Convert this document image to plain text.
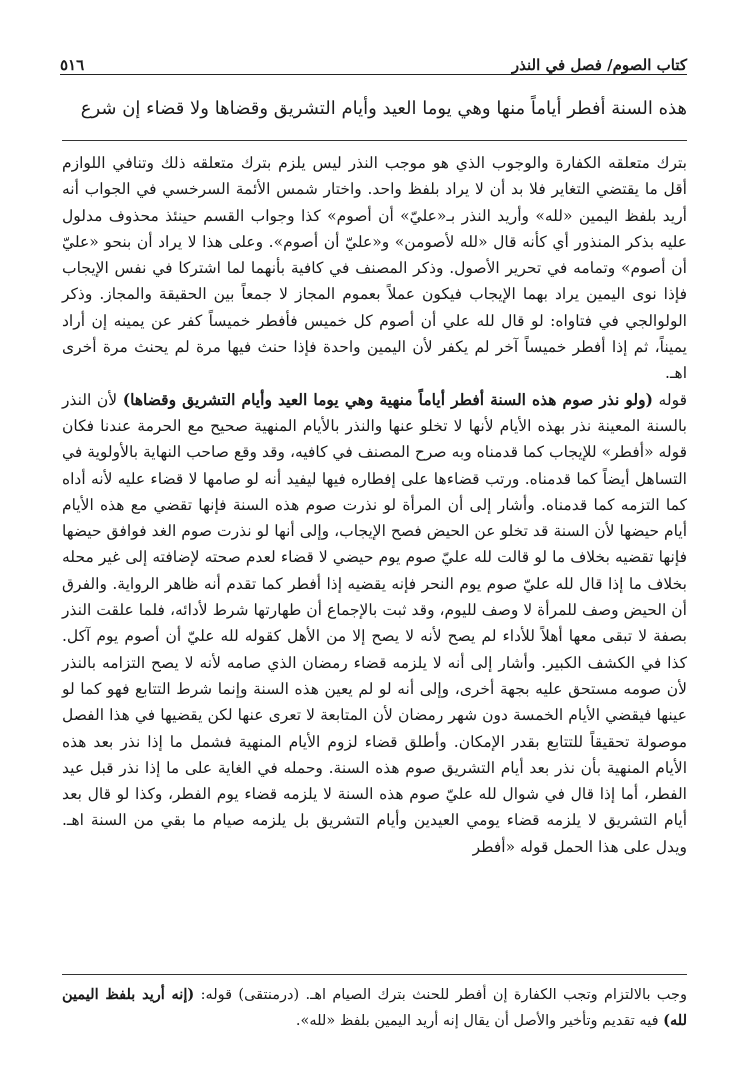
كتاب الصوم/ فصل في النذر
٥١٦
هذه السنة أفطر أياماً منها وهي يوما العيد وأيام التشريق وقضاها ولا قضاء إن شرع

بترك متعلقه الكفارة والوجوب الذي هو موجب النذر ليس يلزم بترك متعلقه ذلك وتنافي اللوازم أقل ما يقتضي التغاير فلا بد أن لا يراد بلفظ واحد. واختار شمس الأئمة السرخسي في الجواب أنه أريد بلفظ اليمين «لله» وأريد النذر بـ«عليّ» أن أصوم» كذا وجواب القسم حينئذ محذوف مدلول عليه بذكر المنذور أي كأنه قال «لله لأصومن» و«عليّ أن أصوم». وعلى هذا لا يراد أن بنحو «عليّ أن أصوم» وتمامه في تحرير الأصول. وذكر المصنف في كافية بأنهما لما اشتركا في نفس الإيجاب فإذا نوى اليمين يراد بهما الإيجاب فيكون عملاً بعموم المجاز لا جمعاً بين الحقيقة والمجاز. وذكر الولوالجي في فتاواه: لو قال لله علي أن أصوم كل خميس فأفطر خميساً كفر عن يمينه إن أراد يميناً، ثم إذا أفطر خميساً آخر لم يكفر لأن اليمين واحدة فإذا حنث فيها مرة لم يحنث مرة أخرى اهـ.

قوله (ولو نذر صوم هذه السنة أفطر أياماً منهية وهي يوما العيد وأيام التشريق وقضاها) لأن النذر بالسنة المعينة نذر بهذه الأيام لأنها لا تخلو عنها والنذر بالأيام المنهية صحيح مع الحرمة عندنا فكان قوله «أفطر» للإيجاب كما قدمناه وبه صرح المصنف في كافيه، وقد وقع صاحب النهاية بالأولوية في التساهل أيضاً كما قدمناه. ورتب قضاءها على إفطاره فيها ليفيد أنه لو صامها لا قضاء عليه لأنه أداه كما التزمه كما قدمناه. وأشار إلى أن المرأة لو نذرت صوم هذه السنة فإنها تقضي مع هذه الأيام أيام حيضها لأن السنة قد تخلو عن الحيض فصح الإيجاب، وإلى أنها لو نذرت صوم الغد فوافق حيضها فإنها تقضيه بخلاف ما لو قالت لله عليّ صوم يوم حيضي لا قضاء لعدم صحته لإضافته إلى غير محله بخلاف ما إذا قال لله عليّ صوم يوم النحر فإنه يقضيه إذا أفطر كما تقدم أنه ظاهر الرواية. والفرق أن الحيض وصف للمرأة لا وصف لليوم، وقد ثبت بالإجماع أن طهارتها شرط لأدائه، فلما علقت النذر بصفة لا تبقى معها أهلاً للأداء لم يصح لأنه لا يصح إلا من الأهل كقوله لله عليّ أن أصوم يوم آكل. كذا في الكشف الكبير. وأشار إلى أنه لا يلزمه قضاء رمضان الذي صامه لأنه لا يصح التزامه بالنذر لأن صومه مستحق عليه بجهة أخرى، وإلى أنه لو لم يعين هذه السنة وإنما شرط التتابع فهو كما لو عينها فيقضي الأيام الخمسة دون شهر رمضان لأن المتابعة لا تعرى عنها لكن يقضيها في هذا الفصل موصولة تحقيقاً للتتابع بقدر الإمكان. وأطلق قضاء لزوم الأيام المنهية فشمل ما إذا نذر بعد هذه الأيام المنهية بأن نذر بعد أيام التشريق صوم هذه السنة. وحمله في الغاية على ما إذا نذر قبل عيد الفطر، أما إذا قال في شوال لله عليّ صوم هذه السنة لا يلزمه قضاء يوم الفطر، وكذا لو قال بعد أيام التشريق لا يلزمه قضاء يومي العيدين وأيام التشريق بل يلزمه صيام ما بقي من السنة اهـ. ويدل على هذا الحمل قوله «أفطر

وجب بالالتزام وتجب الكفارة إن أفطر للحنث بترك الصيام اهـ. (درمنتقى) قوله: (إنه أريد بلفظ اليمين لله) فيه تقديم وتأخير والأصل أن يقال إنه أريد اليمين بلفظ «لله».
